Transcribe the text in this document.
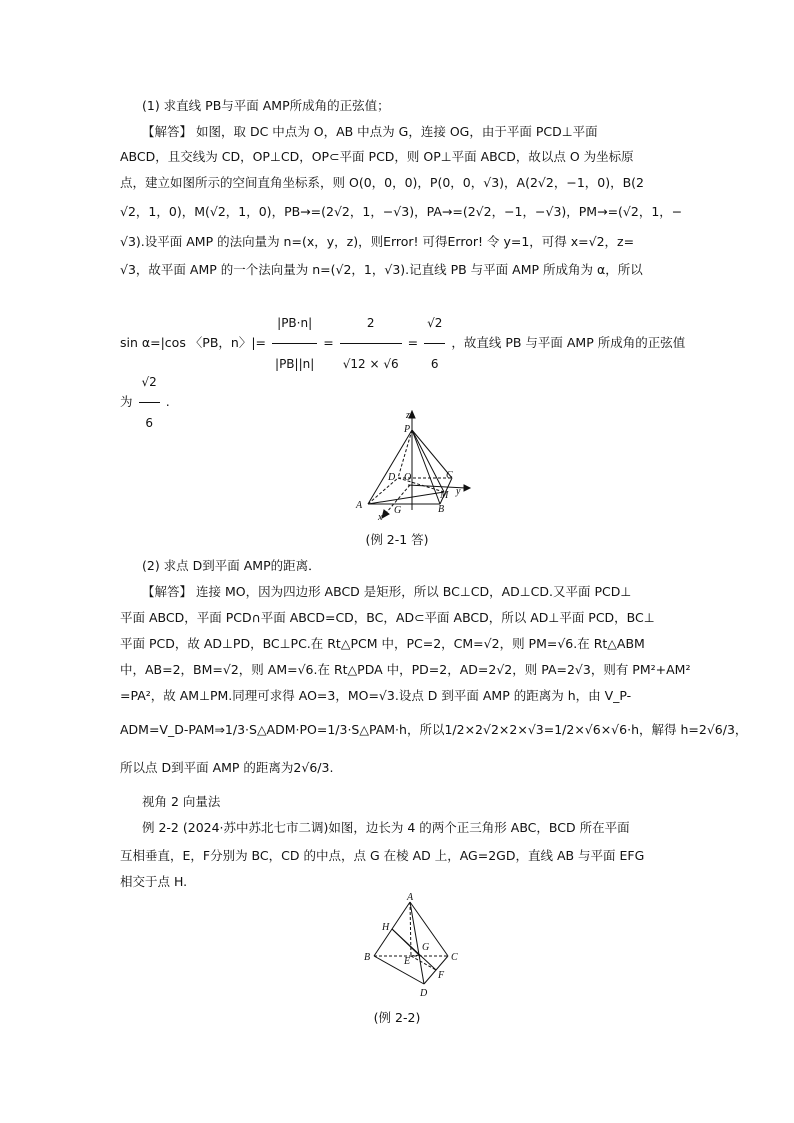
(1) 求直线 PB与平面 AMP所成角的正弦值；
【解答】 如图，取 DC 中点为 O，AB 中点为 G，连接 OG，由于平面 PCD⊥平面
ABCD，且交线为 CD，OP⊥CD，OP⊂平面 PCD，则 OP⊥平面 ABCD，故以点 O 为坐标原
点，建立如图所示的空间直角坐标系，则 O(0，0，0)，P(0，0，√3)，A(2√2，−1，0)，B(2
√2，1，0)，M(√2，1，0)，PB→=(2√2，1，−√3)，PA→=(2√2，−1，−√3)，PM→=(√2，1，−
√3).设平面 AMP 的法向量为 n=(x，y，z)，则Error! 可得Error! 令 y=1，可得 x=√2，z=
√3，故平面 AMP 的一个法向量为 n=(√2，1，√3).记直线 PB 与平面 AMP 所成角为 α，所以
sin α=|cos 〈PB，n〉|= $\frac{|PB\cdot n|}{|PB||n|} = \frac{2}{√12 \times √6} = \frac{√2}{6}$ ，故直线 PB 与平面 AMP 所成角的正弦值
为 $\frac{√2}{6}$ .
z
P
D O	C
y
M
A	B
G
x
(例 2-1 答)
(2) 求点 D到平面 AMP的距离．
【解答】 连接 MO，因为四边形 ABCD 是矩形，所以 BC⊥CD，AD⊥CD.又平面 PCD⊥
平面 ABCD，平面 PCD∩平面 ABCD=CD，BC，AD⊂平面 ABCD，所以 AD⊥平面 PCD，BC⊥
平面 PCD，故 AD⊥PD，BC⊥PC.在 Rt△PCM 中，PC=2，CM=√2，则 PM=√6.在 Rt△ABM
中，AB=2，BM=√2，则 AM=√6.在 Rt△PDA 中，PD=2，AD=2√2，则 PA=2√3，则有 PM²+AM²
=PA²，故 AM⊥PM.同理可求得 AO=3，MO=√3.设点 D 到平面 AMP 的距离为 h，由 V_P-
ADM=V_D-PAM⇒1/3·S△ADM·PO=1/3·S△PAM·h，所以1/2×2√2×2×√3=1/2×√6×√6·h，解得 h=2√6/3，
所以点 D到平面 AMP 的距离为2√6/3.
视角 2 向量法
例 2-2 (2024·苏中苏北七市二调)如图，边长为 4 的两个正三角形 ABC，BCD 所在平面
互相垂直，E，F分别为 BC，CD 的中点，点 G 在棱 AD 上，AG=2GD，直线 AB 与平面 EFG
相交于点 H.
A
H
G
B	E	C
F
D
(例 2-2)
